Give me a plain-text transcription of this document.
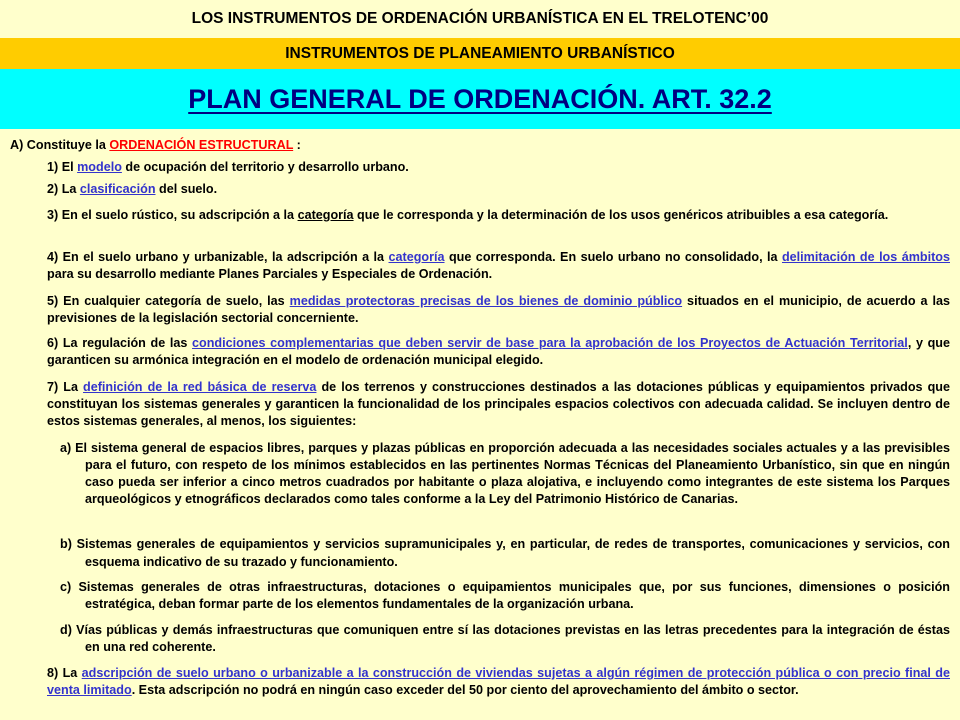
LOS INSTRUMENTOS DE ORDENACIÓN URBANÍSTICA EN EL TRELOTENC’00
INSTRUMENTOS DE PLANEAMIENTO URBANÍSTICO
PLAN GENERAL DE ORDENACIÓN. ART. 32.2

A) Constituye la ORDENACIÓN ESTRUCTURAL :

1) El modelo de ocupación del territorio y desarrollo urbano.

2) La clasificación del suelo.

3) En el suelo rústico, su adscripción a la categoría que le corresponda y la determinación de los usos genéricos atribuibles a esa categoría.

4) En el suelo urbano y urbanizable, la adscripción a la categoría que corresponda. En suelo urbano no consolidado, la delimitación de los ámbitos para su desarrollo mediante Planes Parciales y Especiales de Ordenación.

5) En cualquier categoría de suelo, las medidas protectoras precisas de los bienes de dominio público situados en el municipio, de acuerdo a las previsiones de la legislación sectorial concerniente.

6) La regulación de las condiciones complementarias que deben servir de base para la aprobación de los Proyectos de Actuación Territorial, y que garanticen su armónica integración en el modelo de ordenación municipal elegido.

7) La definición de la red básica de reserva de los terrenos y construcciones destinados a las dotaciones públicas y equipamientos privados que constituyan los sistemas generales y garanticen la funcionalidad de los principales espacios colectivos con adecuada calidad. Se incluyen dentro de estos sistemas generales, al menos, los siguientes:

a) El sistema general de espacios libres, parques y plazas públicas en proporción adecuada a las necesidades sociales actuales y a las previsibles para el futuro, con respeto de los mínimos establecidos en las pertinentes Normas Técnicas del Planeamiento Urbanístico, sin que en ningún caso pueda ser inferior a cinco metros cuadrados por habitante o plaza alojativa, e incluyendo como integrantes de este sistema los Parques arqueológicos y etnográficos declarados como tales conforme a la Ley del Patrimonio Histórico de Canarias.

b) Sistemas generales de equipamientos y servicios supramunicipales y, en particular, de redes de transportes, comunicaciones y servicios, con esquema indicativo de su trazado y funcionamiento.

c) Sistemas generales de otras infraestructuras, dotaciones o equipamientos municipales que, por sus funciones, dimensiones o posición estratégica, deban formar parte de los elementos fundamentales de la organización urbana.

d) Vías públicas y demás infraestructuras que comuniquen entre sí las dotaciones previstas en las letras precedentes para la integración de éstas en una red coherente.

8) La adscripción de suelo urbano o urbanizable a la construcción de viviendas sujetas a algún régimen de protección pública o con precio final de venta limitado. Esta adscripción no podrá en ningún caso exceder del 50 por ciento del aprovechamiento del ámbito o sector.
